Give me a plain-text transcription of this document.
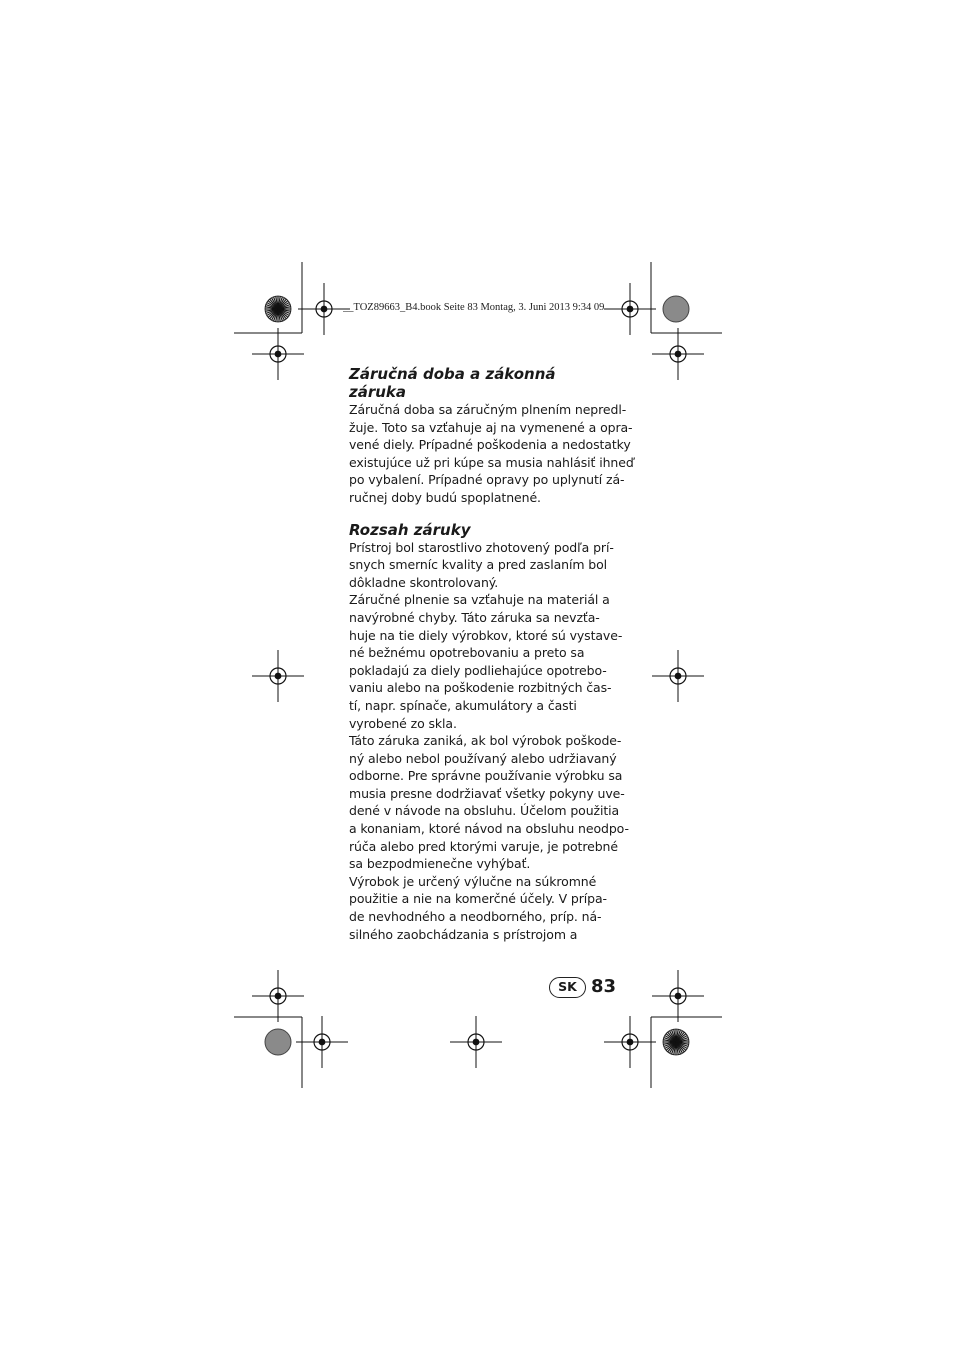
__TOZ89663_B4.book Seite 83 Montag, 3. Juni 2013 9:34 09
Záručná doba a zákonná
záruka

Záručná doba sa záručným plnením nepredl-
žuje. Toto sa vzťahuje aj na vymenené a opra-
vené diely. Prípadné poškodenia a nedostatky
existujúce už pri kúpe sa musia nahlásiť ihneď
po vybalení. Prípadné opravy po uplynutí zá-
ručnej doby budú spoplatnené.

Rozsah záruky

Prístroj bol starostlivo zhotovený podľa prí-
snych smerníc kvality a pred zaslaním bol
dôkladne skontrolovaný.
Záručné plnenie sa vzťahuje na materiál a
navýrobné chyby. Táto záruka sa nevzťa-
huje na tie diely výrobkov, ktoré sú vystave-
né bežnému opotrebovaniu a preto sa
pokladajú za diely podliehajúce opotrebo-
vaniu alebo na poškodenie rozbitných čas-
tí, napr. spínače, akumulátory a časti
vyrobené zo skla.
Táto záruka zaniká, ak bol výrobok poškode-
ný alebo nebol používaný alebo udržiavaný
odborne. Pre správne používanie výrobku sa
musia presne dodržiavať všetky pokyny uve-
dené v návode na obsluhu. Účelom použitia
a konaniam, ktoré návod na obsluhu neodpo-
rúča alebo pred ktorými varuje, je potrebné
sa bezpodmienečne vyhýbať.
Výrobok je určený výlučne na súkromné
použitie a nie na komerčné účely. V prípa-
de nevhodného a neodborného, príp. ná-
silného zaobchádzania s prístrojom a

SK 83
